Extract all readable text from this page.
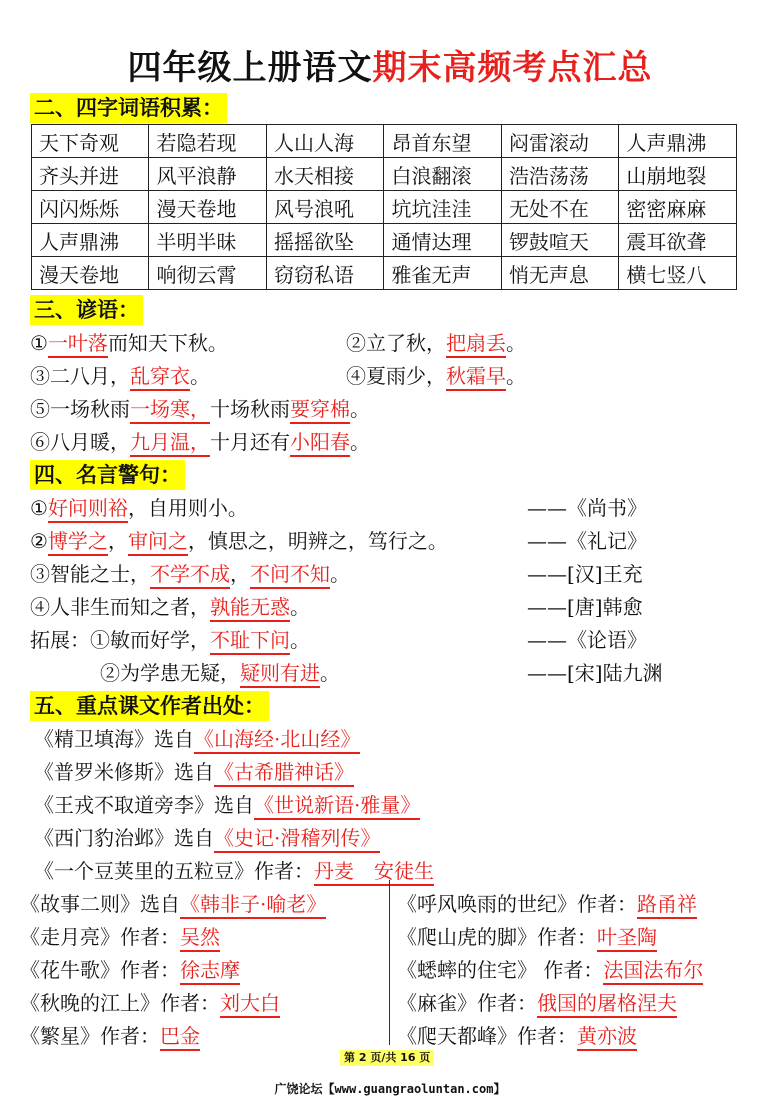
四年级上册语文期末高频考点汇总
二、四字词语积累：
天下奇观	若隐若现	人山人海	昂首东望	闷雷滚动	人声鼎沸
齐头并进	风平浪静	水天相接	白浪翻滚	浩浩荡荡	山崩地裂
闪闪烁烁	漫天卷地	风号浪吼	坑坑洼洼	无处不在	密密麻麻
人声鼎沸	半明半昧	摇摇欲坠	通情达理	锣鼓喧天	震耳欲聋
漫天卷地	响彻云霄	窃窃私语	雅雀无声	悄无声息	横七竖八
三、谚语：
①一叶落而知天下秋。	②立了秋，把扇丢。
③二八月，乱穿衣。	④夏雨少，秋霜早。
⑤一场秋雨一场寒，十场秋雨要穿棉。
⑥八月暖，九月温，十月还有小阳春。
四、名言警句：
①好问则裕，自用则小。	——《尚书》
②博学之，审问之，慎思之，明辨之，笃行之。	——《礼记》
③智能之士，不学不成，不问不知。	——[汉]王充
④人非生而知之者，孰能无惑。	——[唐]韩愈
拓展：①敏而好学，不耻下问。	——《论语》
②为学患无疑，疑则有进。	——[宋]陆九渊
五、重点课文作者出处：
《精卫填海》选自《山海经·北山经》
《普罗米修斯》选自《古希腊神话》
《王戎不取道旁李》选自《世说新语·雅量》
《西门豹治邺》选自《史记·滑稽列传》
《一个豆荚里的五粒豆》作者：丹麦　安徒生
《故事二则》选自《韩非子·喻老》
《走月亮》作者：吴然
《花牛歌》作者：徐志摩
《秋晚的江上》作者：刘大白
《繁星》作者：巴金
《呼风唤雨的世纪》作者：路甬祥
《爬山虎的脚》作者：叶圣陶
《蟋蟀的住宅》 作者：法国法布尔
《麻雀》作者：俄国的屠格涅夫
《爬天都峰》作者：黄亦波
第 2 页/共 16 页
广饶论坛【www.guangraoluntan.com】
